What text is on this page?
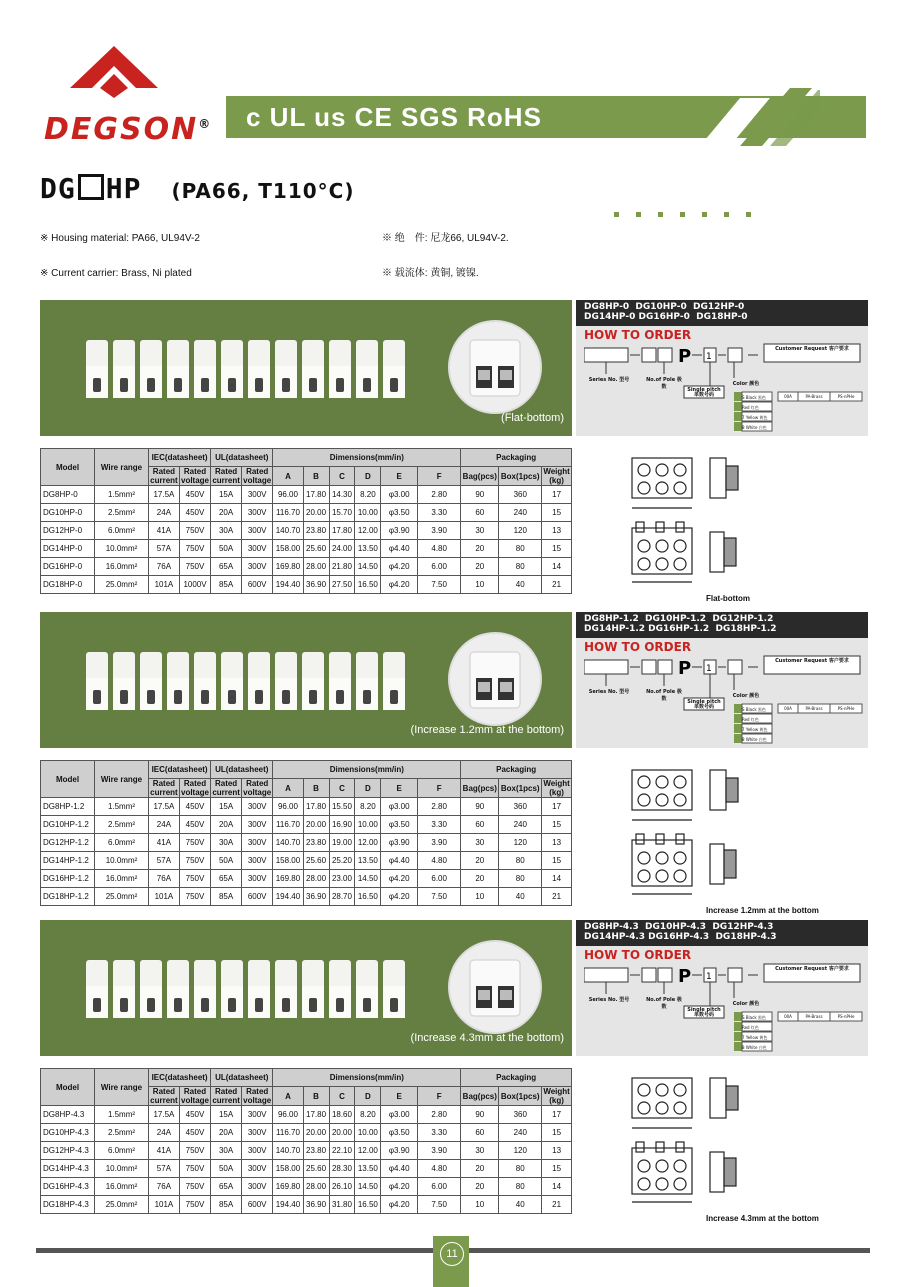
DEGSON® c UL us CE SGS RoHS
DG HP (PA66, T110°C)

※ Housing material: PA66, UL94V-2

※ Current carrier: Brass, Ni plated

※ 绝　件: 尼龙66, UL94V-2.

※ 载流体: 黄铜, 镀镍.

(Flat-bottom)
DG8HP-0  DG10HP-0  DG12HP-0
DG14HP-0 DG16HP-0  DG18HP-0
HOW TO ORDER
P 1
Customer Request 客户要求
Series No. 型号	No.of Pole 极数	Single pitch 单数号码
Color 颜色
S Black 黑色
Red 红色
7 Yellow 黄色
8 White 白色
00A	PA-Brass	PS-nPHe
Model	Wire range	IEC(datasheet)		UL(datasheet)		Dimensions(mm/in)						Packaging		
		Rated current	Rated voltage	Rated current	Rated voltage	A	B	C	D	E	F	Bag(pcs)	Box(1pcs)	Weight (kg)
DG8HP-0	1.5mm²	17.5A	450V	15A	300V	96.00	17.80	14.30	8.20	φ3.00	2.80	90	360	17
DG10HP-0	2.5mm²	24A	450V	20A	300V	116.70	20.00	15.70	10.00	φ3.50	3.30	60	240	15
DG12HP-0	6.0mm²	41A	750V	30A	300V	140.70	23.80	17.80	12.00	φ3.90	3.90	30	120	13
DG14HP-0	10.0mm²	57A	750V	50A	300V	158.00	25.60	24.00	13.50	φ4.40	4.80	20	80	15
DG16HP-0	16.0mm²	76A	750V	65A	300V	169.80	28.00	21.80	14.50	φ4.20	6.00	20	80	14
DG18HP-0	25.0mm²	101A	1000V	85A	600V	194.40	36.90	27.50	16.50	φ4.20	7.50	10	40	21
Flat-bottom
(Increase 1.2mm at the bottom)
DG8HP-1.2  DG10HP-1.2  DG12HP-1.2
DG14HP-1.2 DG16HP-1.2  DG18HP-1.2
HOW TO ORDER
P 1
Customer Request 客户要求
Series No. 型号	No.of Pole 极数	Single pitch 单数号码
Color 颜色
S Black 黑色
Red 红色
7 Yellow 黄色
8 White 白色
00A	PA-Brass	PS-nPHe
Model	Wire range	IEC(datasheet)		UL(datasheet)		Dimensions(mm/in)						Packaging		
		Rated current	Rated voltage	Rated current	Rated voltage	A	B	C	D	E	F	Bag(pcs)	Box(1pcs)	Weight (kg)
DG8HP-1.2	1.5mm²	17.5A	450V	15A	300V	96.00	17.80	15.50	8.20	φ3.00	2.80	90	360	17
DG10HP-1.2	2.5mm²	24A	450V	20A	300V	116.70	20.00	16.90	10.00	φ3.50	3.30	60	240	15
DG12HP-1.2	6.0mm²	41A	750V	30A	300V	140.70	23.80	19.00	12.00	φ3.90	3.90	30	120	13
DG14HP-1.2	10.0mm²	57A	750V	50A	300V	158.00	25.60	25.20	13.50	φ4.40	4.80	20	80	15
DG16HP-1.2	16.0mm²	76A	750V	65A	300V	169.80	28.00	23.00	14.50	φ4.20	6.00	20	80	14
DG18HP-1.2	25.0mm²	101A	750V	85A	600V	194.40	36.90	28.70	16.50	φ4.20	7.50	10	40	21
Increase 1.2mm at the bottom
(Increase 4.3mm at the bottom)
DG8HP-4.3  DG10HP-4.3  DG12HP-4.3
DG14HP-4.3 DG16HP-4.3  DG18HP-4.3
HOW TO ORDER
P 1
Customer Request 客户要求
Series No. 型号	No.of Pole 极数	Single pitch 单数号码
Color 颜色
S Black 黑色
Red 红色
7 Yellow 黄色
8 White 白色
00A	PA-Brass	PS-nPHe
Model	Wire range	IEC(datasheet)		UL(datasheet)		Dimensions(mm/in)						Packaging		
		Rated current	Rated voltage	Rated current	Rated voltage	A	B	C	D	E	F	Bag(pcs)	Box(1pcs)	Weight (kg)
DG8HP-4.3	1.5mm²	17.5A	450V	15A	300V	96.00	17.80	18.60	8.20	φ3.00	2.80	90	360	17
DG10HP-4.3	2.5mm²	24A	450V	20A	300V	116.70	20.00	20.00	10.00	φ3.50	3.30	60	240	15
DG12HP-4.3	6.0mm²	41A	750V	30A	300V	140.70	23.80	22.10	12.00	φ3.90	3.90	30	120	13
DG14HP-4.3	10.0mm²	57A	750V	50A	300V	158.00	25.60	28.30	13.50	φ4.40	4.80	20	80	15
DG16HP-4.3	16.0mm²	76A	750V	65A	300V	169.80	28.00	26.10	14.50	φ4.20	6.00	20	80	14
DG18HP-4.3	25.0mm²	101A	750V	85A	600V	194.40	36.90	31.80	16.50	φ4.20	7.50	10	40	21
Increase 4.3mm at the bottom
11
